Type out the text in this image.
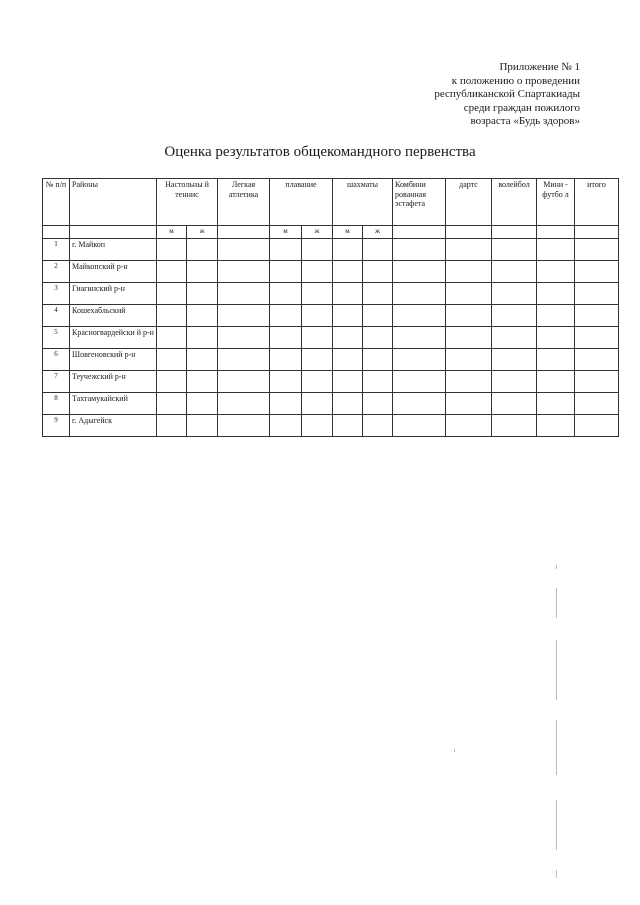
Приложение № 1
к положению о проведении
республиканской Спартакиады
среди граждан пожилого
возраста «Будь здоров»
Оценка результатов общекомандного первенства
№ п/п	Районы	Настольны й теннис		Легкая атлетика	плавание		шахматы		Комбини рованная эстафета	дартс	волейбол	Мини - футбо л	итого
		м	ж		м	ж	м	ж					
1	г. Майкоп												
2	Майкопский р-н												
3	Гиагинский р-н												
4	Кошехабльский												
5	Красногвардейски й р-н												
6	Шовгеновский р-н												
7	Теучежский р-н												
8	Тахтамукайский												
9	г. Адыгейск												
